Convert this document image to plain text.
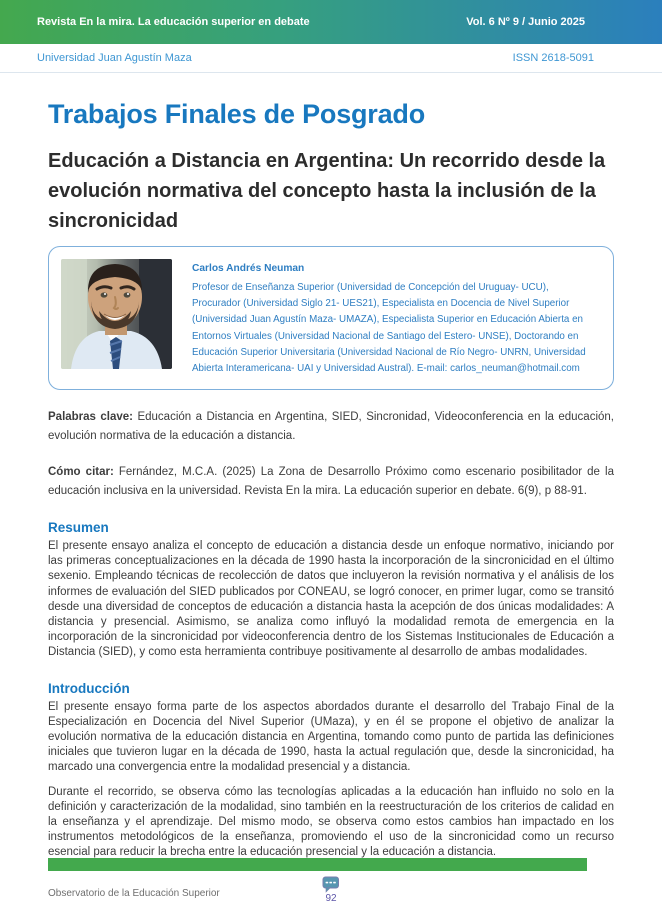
Revista En la mira. La educación superior en debate	Vol. 6 Nº 9 / Junio 2025
Universidad Juan Agustín Maza	ISSN 2618-5091
Trabajos Finales de Posgrado
Educación a Distancia en Argentina: Un recorrido desde la evolución normativa del concepto hasta la inclusión de la sincronicidad
Carlos Andrés Neuman
Profesor de Enseñanza Superior (Universidad de Concepción del Uruguay- UCU), Procurador (Universidad Siglo 21- UES21), Especialista en Docencia de Nivel Superior (Universidad Juan Agustín Maza- UMAZA), Especialista Superior en Educación Abierta en Entornos Virtuales (Universidad Nacional de Santiago del Estero- UNSE), Doctorando en Educación Superior Universitaria (Universidad Nacional de Río Negro- UNRN, Universidad Abierta Interamericana- UAI y Universidad Austral). E-mail: carlos_neuman@hotmail.com

Palabras clave: Educación a Distancia en Argentina, SIED, Sincronidad, Videoconferencia en la educación, evolución normativa de la educación a distancia.

Cómo citar: Fernández, M.C.A. (2025) La Zona de Desarrollo Próximo como escenario posibilitador de la educación inclusiva en la universidad. Revista En la mira. La educación superior en debate. 6(9), p 88-91.

Resumen

El presente ensayo analiza el concepto de educación a distancia desde un enfoque normativo, iniciando por las primeras conceptualizaciones en la década de 1990 hasta la incorporación de la sincronicidad en el último sexenio. Empleando técnicas de recolección de datos que incluyeron la revisión normativa y el análisis de los informes de evaluación del SIED publicados por CONEAU, se logró conocer, en primer lugar, como se transitó desde una diversidad de conceptos de educación a distancia hasta la acepción de dos únicas modalidades: A distancia y presencial. Asimismo, se analiza como influyó la modalidad remota de emergencia en la incorporación de la sincronicidad por videoconferencia dentro de los Sistemas Institucionales de Educación a Distancia (SIED), y como esta herramienta contribuye positivamente al desarrollo de ambas modalidades.

Introducción

El presente ensayo forma parte de los aspectos abordados durante el desarrollo del Trabajo Final de la Especialización en Docencia del Nivel Superior (UMaza), y en él se propone el objetivo de analizar la evolución normativa de la educación distancia en Argentina, tomando como punto de partida las definiciones iniciales que tuvieron lugar en la década de 1990, hasta la actual regulación que, desde la sincronicidad, ha marcado una convergencia entre la modalidad presencial y a distancia.

Durante el recorrido, se observa cómo las tecnologías aplicadas a la educación han influido no solo en la definición y caracterización de la modalidad, sino también en la reestructuración de los criterios de calidad en la enseñanza y el aprendizaje. Del mismo modo, se observa como estos cambios han impactado en los instrumentos metodológicos de la enseñanza, promoviendo el uso de la sincronicidad como un recurso esencial para reducir la brecha entre la educación presencial y la educación a distancia.

Observatorio de la Educación Superior	92
